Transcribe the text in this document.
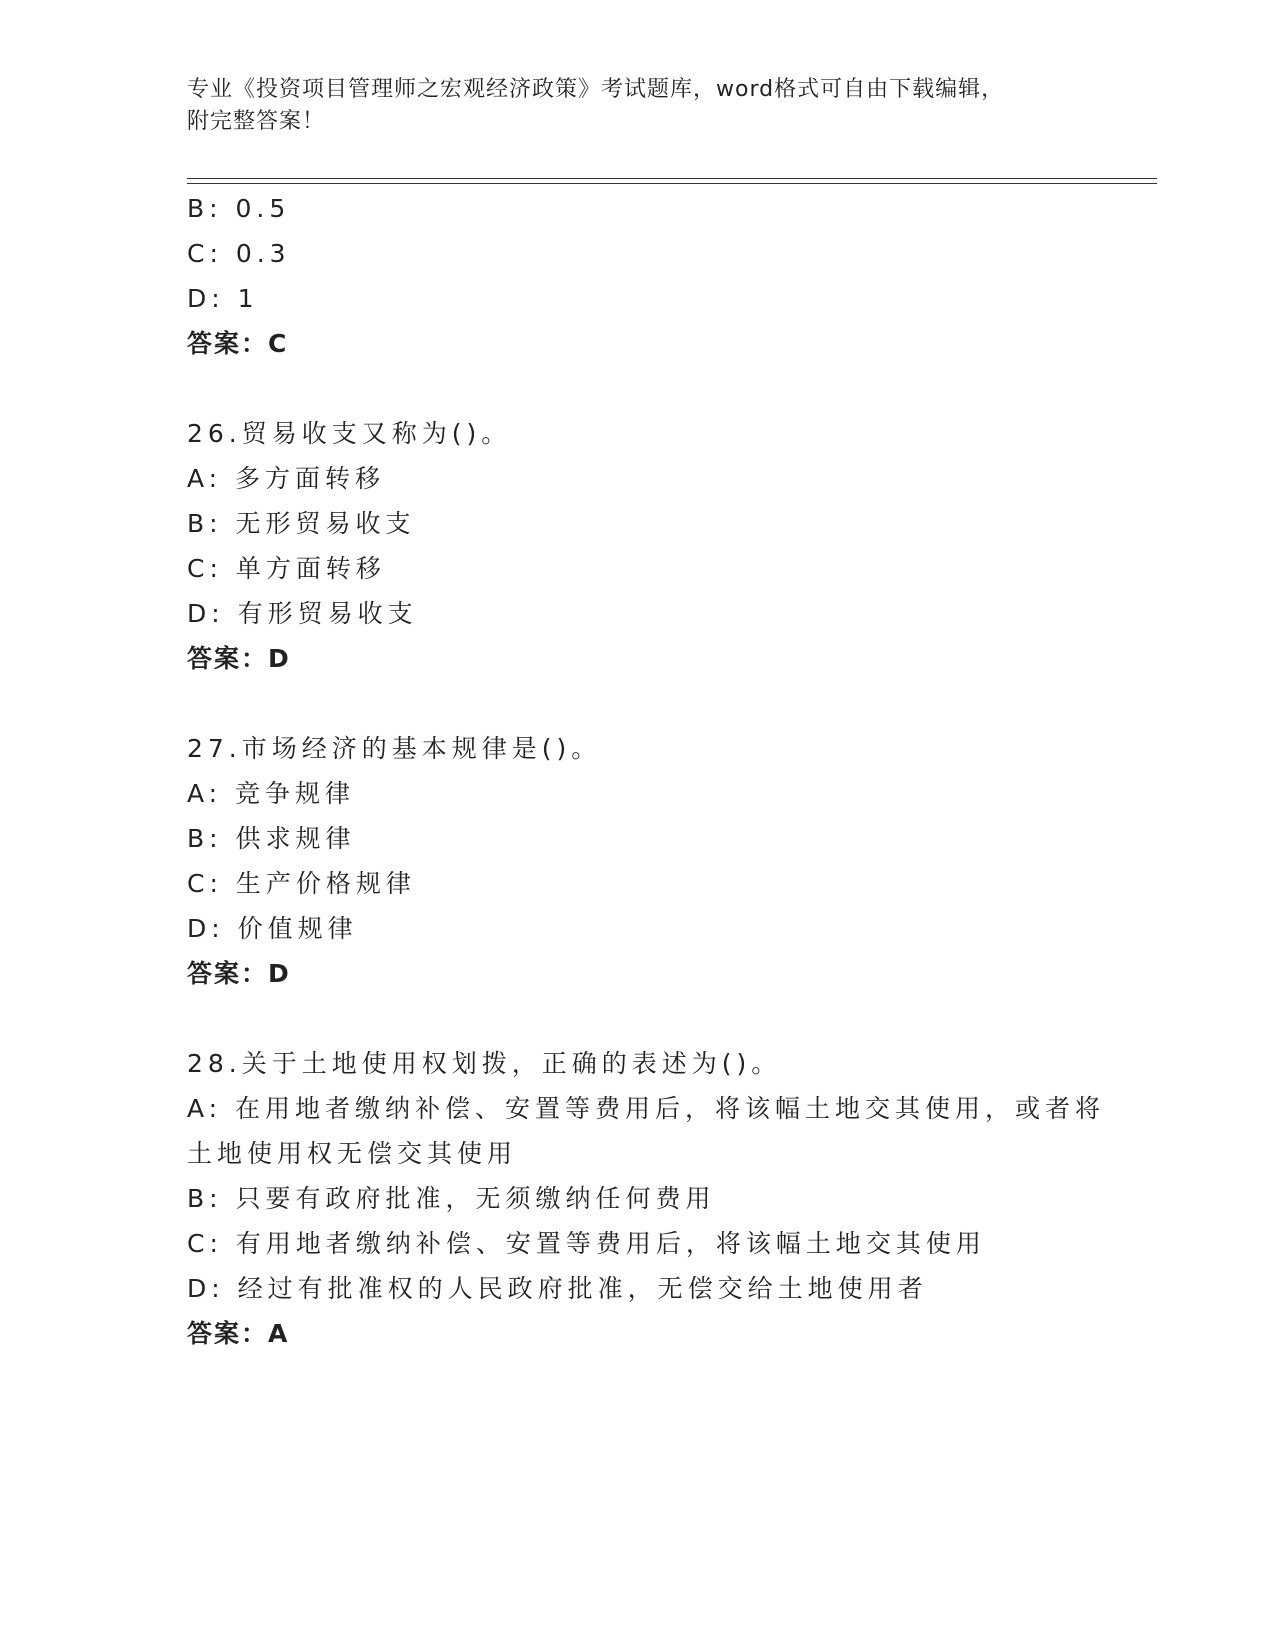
专业《投资项目管理师之宏观经济政策》考试题库，word格式可自由下载编辑，
附完整答案！
B: 0.5
C: 0.3
D: 1
答案：C
26.贸易收支又称为()。
A: 多方面转移
B: 无形贸易收支
C: 单方面转移
D: 有形贸易收支
答案：D
27.市场经济的基本规律是()。
A: 竞争规律
B: 供求规律
C: 生产价格规律
D: 价值规律
答案：D
28.关于土地使用权划拨，正确的表述为()。
A: 在用地者缴纳补偿、安置等费用后，将该幅土地交其使用，或者将
土地使用权无偿交其使用
B: 只要有政府批准，无须缴纳任何费用
C: 有用地者缴纳补偿、安置等费用后，将该幅土地交其使用
D: 经过有批准权的人民政府批准，无偿交给土地使用者
答案：A
